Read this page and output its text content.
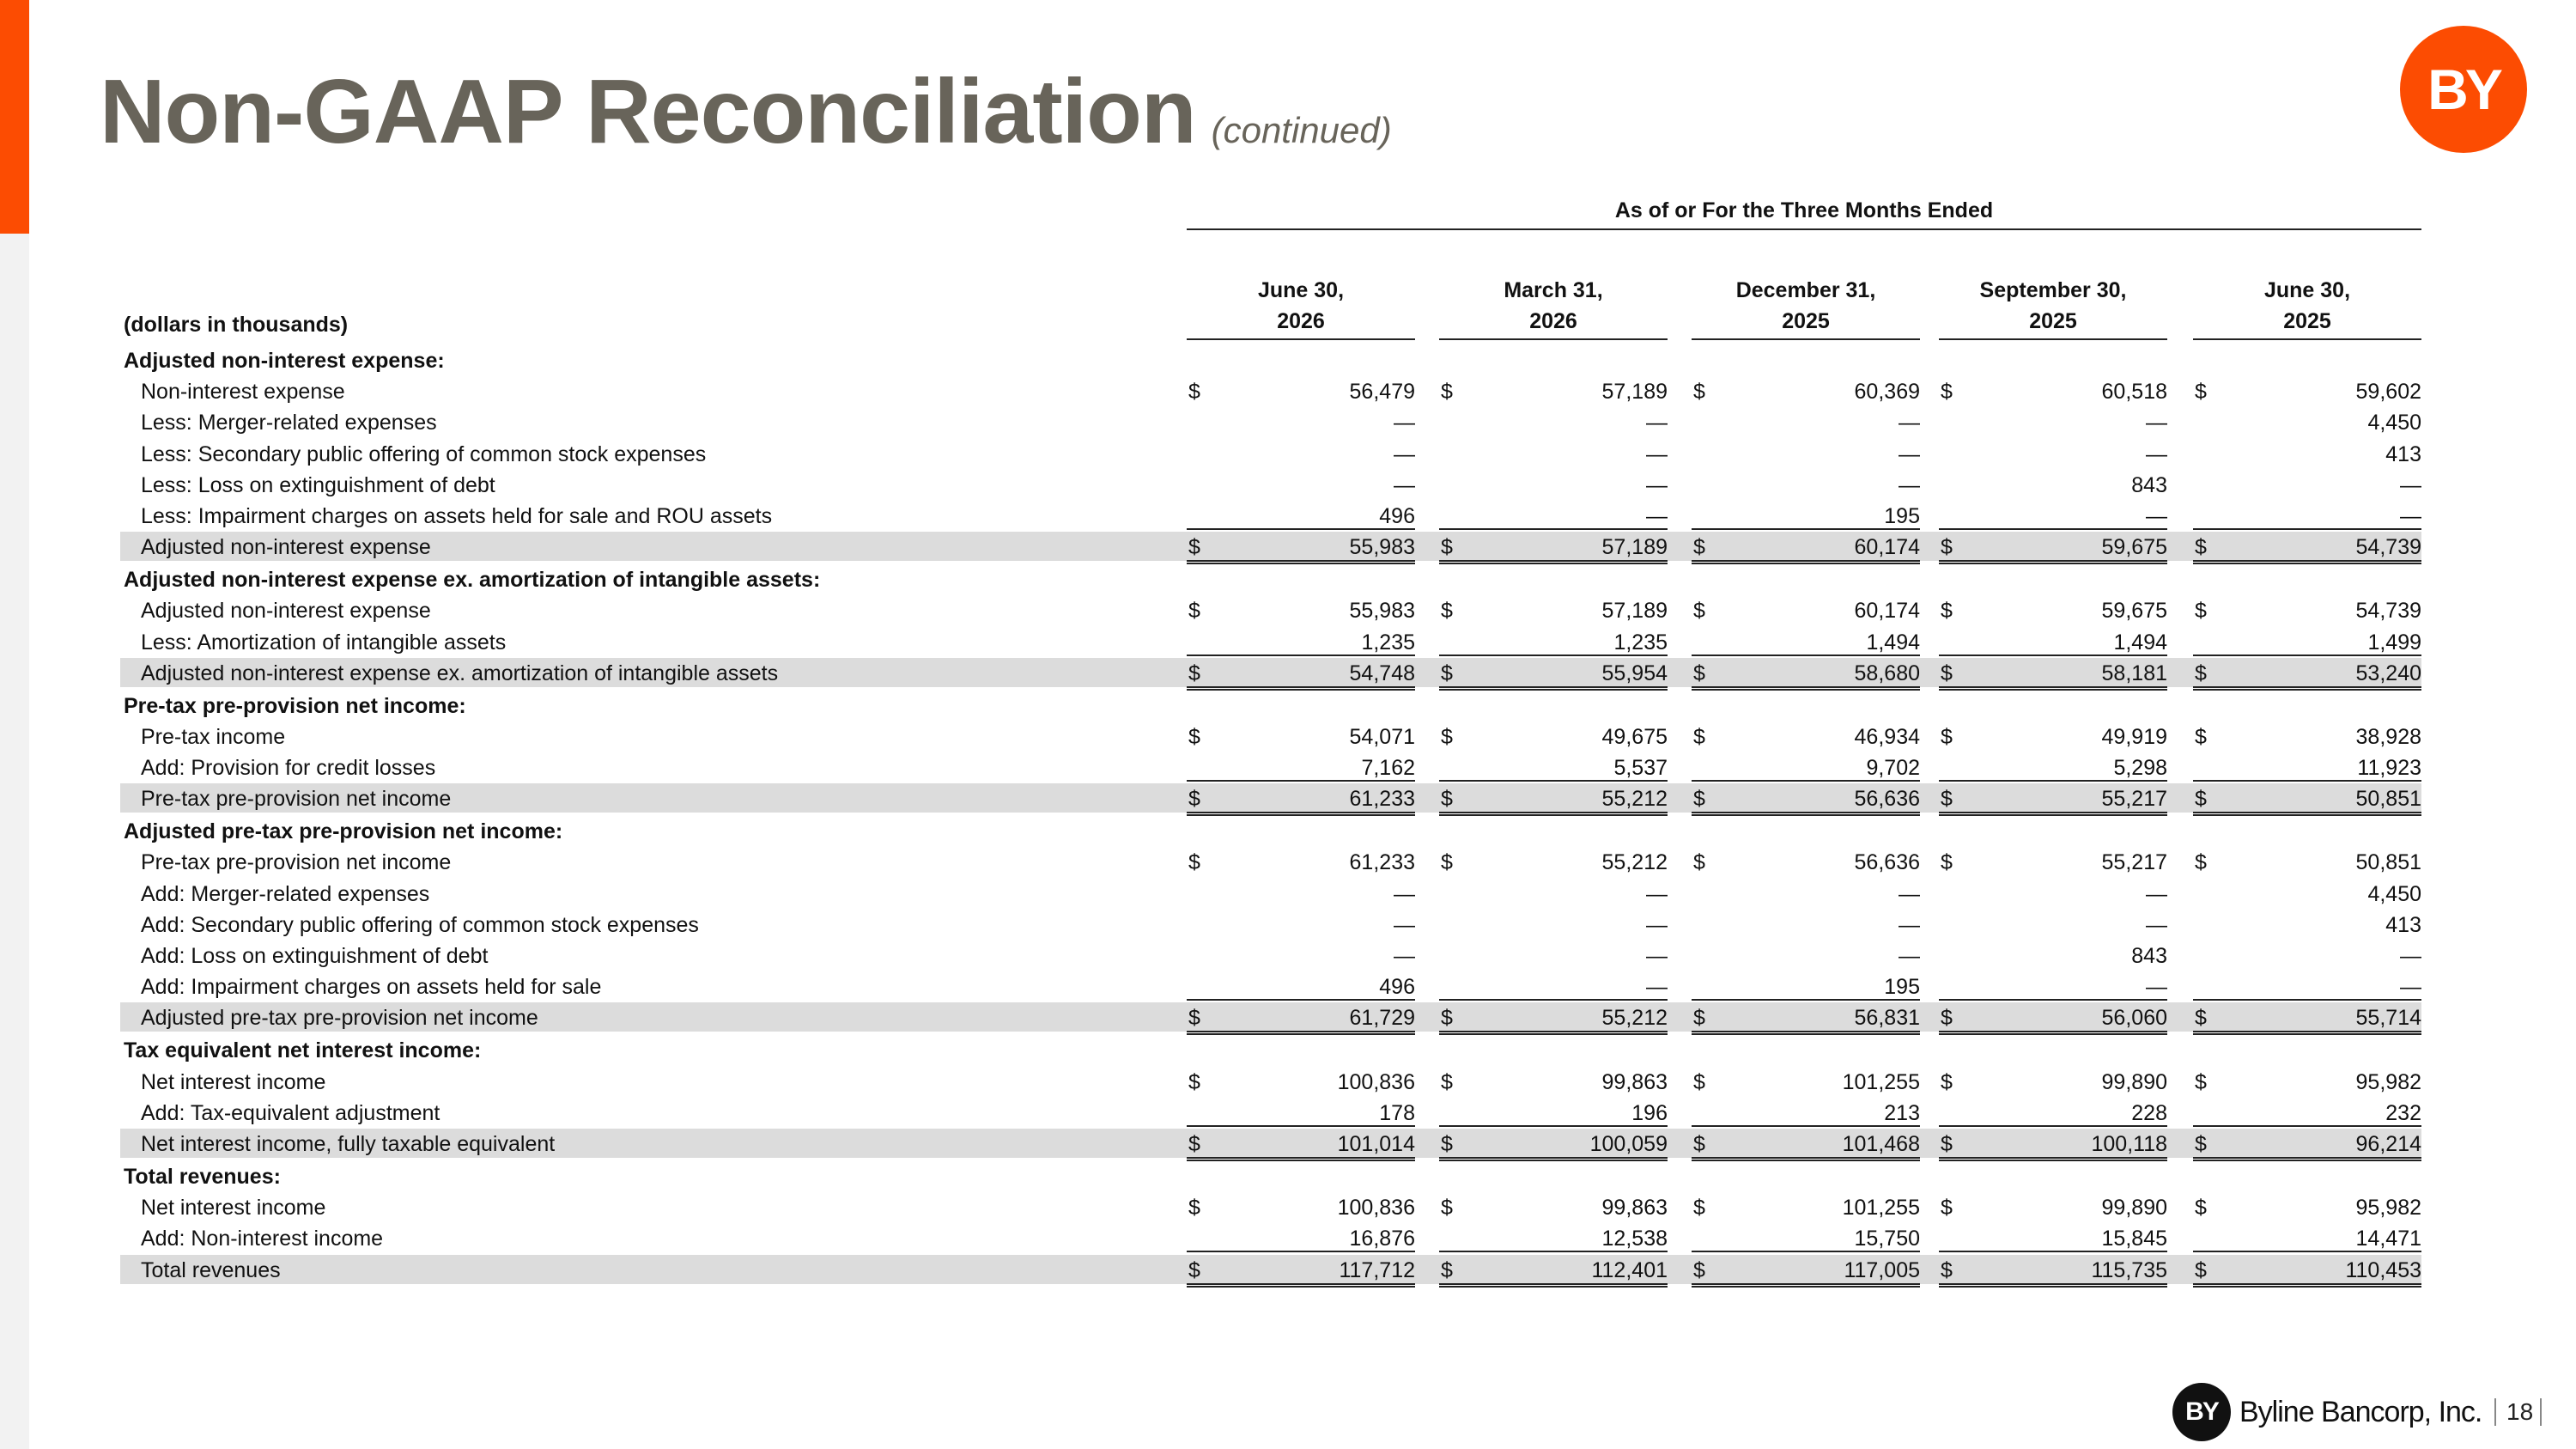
Non-GAAP Reconciliation (continued)
BY
As of or For the Three Months Ended
(dollars in thousands)
June 30,
2026
March 31,
2026
December 31,
2025
September 30,
2025
June 30,
2025
Adjusted non-interest expense:
Non-interest expense	$	56,479 $	57,189 $	60,369 $	60,518 $	59,602
Less: Merger-related expenses	—	—	—	—	4,450
Less: Secondary public offering of common stock expenses	—	—	—	—	413
Less: Loss on extinguishment of debt	—	—	—	843	—
Less: Impairment charges on assets held for sale and ROU assets	496	—	195	—	—
Adjusted non-interest expense	$	55,983 $	57,189 $	60,174 $	59,675 $	54,739
Adjusted non-interest expense ex. amortization of intangible assets:
Adjusted non-interest expense	$	55,983 $	57,189 $	60,174 $	59,675 $	54,739
Less: Amortization of intangible assets	1,235	1,235	1,494	1,494	1,499
Adjusted non-interest expense ex. amortization of intangible assets	$	54,748 $	55,954 $	58,680 $	58,181 $	53,240
Pre-tax pre-provision net income:
Pre-tax income	$	54,071 $	49,675 $	46,934 $	49,919 $	38,928
Add: Provision for credit losses	7,162	5,537	9,702	5,298	11,923
Pre-tax pre-provision net income	$	61,233 $	55,212 $	56,636 $	55,217 $	50,851
Adjusted pre-tax pre-provision net income:
Pre-tax pre-provision net income	$	61,233 $	55,212 $	56,636 $	55,217 $	50,851
Add: Merger-related expenses	—	—	—	—	4,450
Add: Secondary public offering of common stock expenses	—	—	—	—	413
Add: Loss on extinguishment of debt	—	—	—	843	—
Add: Impairment charges on assets held for sale	496	—	195	—	—
Adjusted pre-tax pre-provision net income	$	61,729 $	55,212 $	56,831 $	56,060 $	55,714
Tax equivalent net interest income:
Net interest income	$	100,836 $	99,863 $	101,255 $	99,890 $	95,982
Add: Tax-equivalent adjustment	178	196	213	228	232
Net interest income, fully taxable equivalent	$	101,014 $	100,059 $	101,468 $	100,118 $	96,214
Total revenues:
Net interest income	$	100,836 $	99,863 $	101,255 $	99,890 $	95,982
Add: Non-interest income	16,876	12,538	15,750	15,845	14,471
Total revenues	$	117,712 $	112,401 $	117,005 $	115,735 $	110,453
BY Byline Bancorp, Inc.	18
